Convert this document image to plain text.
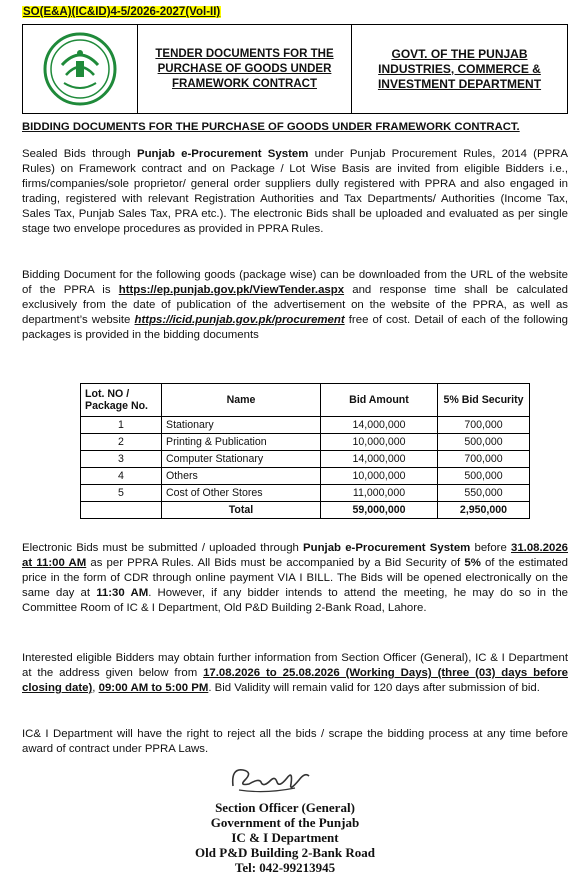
SO(E&A)(IC&ID)4-5/2026-2027(Vol-II)
TENDER DOCUMENTS FOR THE
PURCHASE OF GOODS UNDER
FRAMEWORK CONTRACT
GOVT. OF THE PUNJAB
INDUSTRIES, COMMERCE &
INVESTMENT DEPARTMENT
BIDDING DOCUMENTS FOR THE PURCHASE OF GOODS UNDER FRAMEWORK CONTRACT.
Sealed Bids through Punjab e-Procurement System under Punjab Procurement Rules, 2014 (PPRA Rules) on Framework contract and on Package / Lot Wise Basis are invited from eligible Bidders i.e., firms/companies/sole proprietor/ general order suppliers dully registered with PPRA and also engaged in trading, registered with relevant Registration Authorities and Tax Departments/ Authorities (Income Tax, Sales Tax, Punjab Sales Tax, PRA etc.). The electronic Bids shall be uploaded and evaluated as per single stage two envelope procedures as provided in PPRA Rules.
Bidding Document for the following goods (package wise) can be downloaded from the URL of the website of the PPRA is https://ep.punjab.gov.pk/ViewTender.aspx and response time shall be calculated exclusively from the date of publication of the advertisement on the website of the PPRA, as well as department’s website https://icid.punjab.gov.pk/procurement free of cost. Detail of each of the following packages is provided in the bidding documents
Lot. NO / Package No.	Name	Bid Amount	5% Bid Security
1	Stationary	14,000,000	700,000
2	Printing & Publication	10,000,000	500,000
3	Computer Stationary	14,000,000	700,000
4	Others	10,000,000	500,000
5	Cost of Other Stores	11,000,000	550,000
	Total	59,000,000	2,950,000
Electronic Bids must be submitted / uploaded through Punjab e-Procurement System before 31.08.2026 at 11:00 AM as per PPRA Rules. All Bids must be accompanied by a Bid Security of 5% of the estimated price in the form of CDR through online payment VIA I BILL. The Bids will be opened electronically on the same day at 11:30 AM. However, if any bidder intends to attend the meeting, he may do so in the Committee Room of IC & I Department, Old P&D Building 2-Bank Road, Lahore.
Interested eligible Bidders may obtain further information from Section Officer (General), IC & I Department at the address given below from 17.08.2026 to 25.08.2026 (Working Days) (three (03) days before closing date), 09:00 AM to 5:00 PM. Bid Validity will remain valid for 120 days after submission of bid.
IC& I Department will have the right to reject all the bids / scrape the bidding process at any time before award of contract under PPRA Laws.
Section Officer (General)
Government of the Punjab
IC & I Department
Old P&D Building 2-Bank Road
Tel: 042-99213945
